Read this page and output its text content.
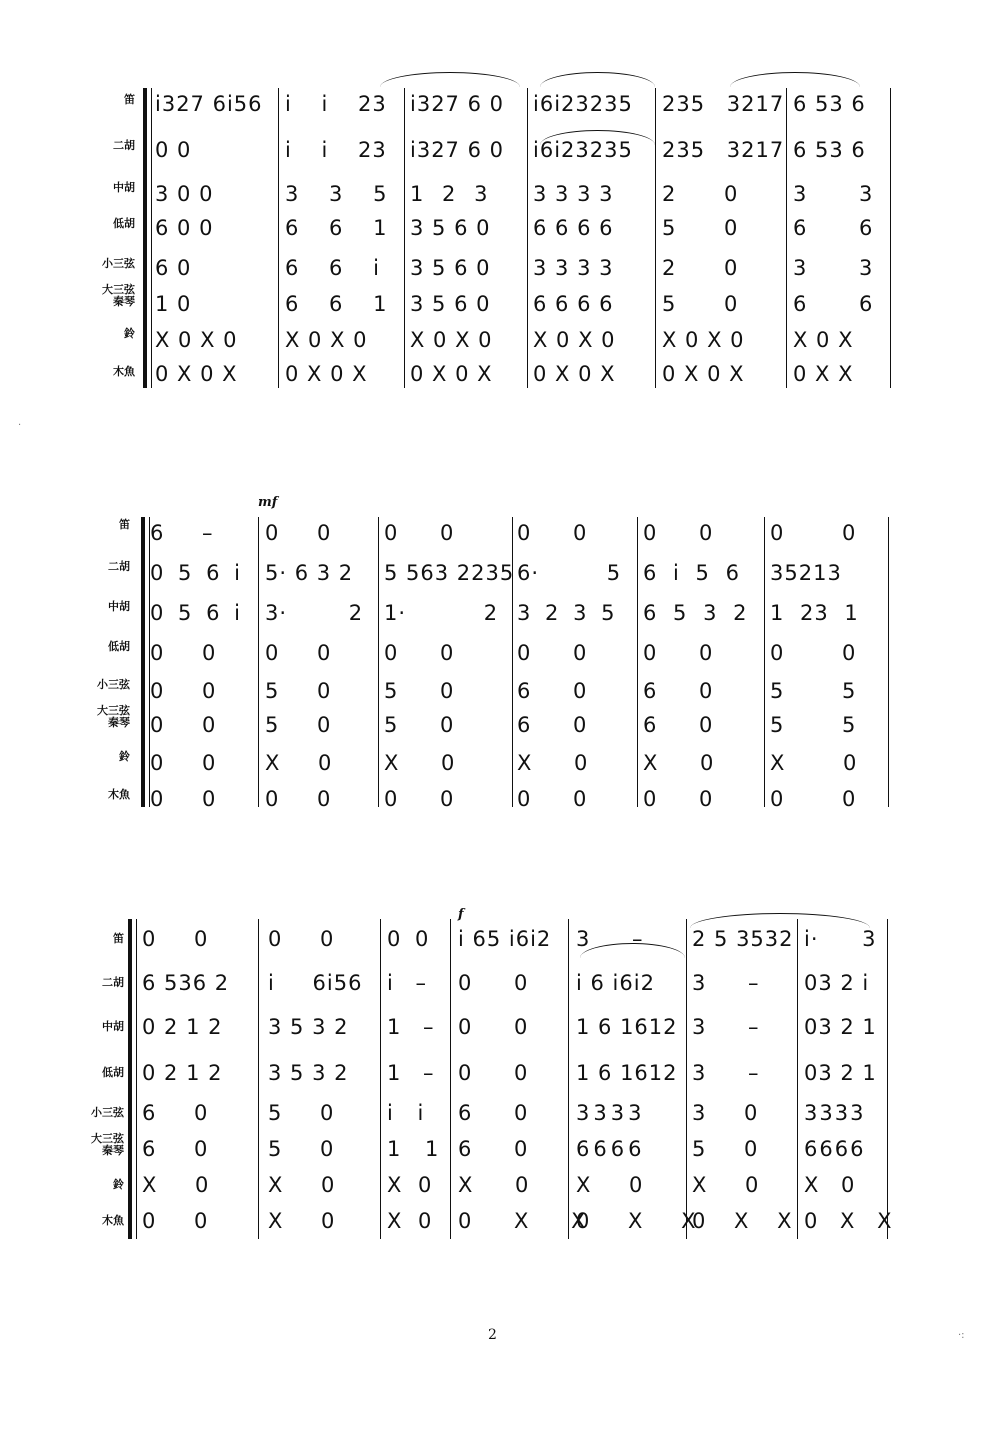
笛
二胡
中胡
低胡
小三弦
大三弦
秦琴
鈴
木魚
i327 6i56
0 0
3 0 0
6 0 0
6 0
1 0
X 0 X 0
0 X 0 X
i i 23
i i 23
3 3 5
6 6 1
6 6 i
6 6 1
X 0 X 0
0 X 0 X
i327 6 0
i327 6 0
1 2 3
3 5 6 0
3 5 6 0
3 5 6 0
X 0 X 0
0 X 0 X
i6i23235
i6i23235
3 3 3 3
6 6 6 6
3 3 3 3
6 6 6 6
X 0 X 0
0 X 0 X
235 3217
235 3217
2 0
5 0
2 0
5 0
X 0 X 0
0 X 0 X
6 53 6
6 53 6
3 3
6 6
3 3
6 6
X 0 X
0 X X
·
mf
笛
二胡
中胡
低胡
小三弦
大三弦
秦琴
鈴
木魚
6 –
0 5 6 i
0 5 6 i
0 0
0 0
0 0
0 0
0 0
0 0
5· 6 3 2
3· 2
0 0
5 0
5 0
X 0
0 0
0 0
5 563 2235
1· 2
0 0
5 0
5 0
X 0
0 0
0 0
6· 5
3 2 3 5
0 0
6 0
6 0
X 0
0 0
0 0
6 i 5 6
6 5 3 2
0 0
6 0
6 0
X 0
0 0
0 0
35213
1 23 1
0 0
5 5
5 5
X 0
0 0
f
笛
二胡
中胡
低胡
小三弦
大三弦
秦琴
鈴
木魚
0 0
6 536 2
0 2 1 2
0 2 1 2
6 0
6 0
X 0
0 0
0 0
i 6i56
3 5 3 2
3 5 3 2
5 0
5 0
X 0
X 0
0 0
i –
1 –
1 –
i i
1 1
X 0
X 0
i 65 i6i2
0 0
0 0
0 0
6 0
6 0
X 0
0 X X
3 –
i 6 i6i2
1 6 1612
1 6 1612
3333
6666
X 0
0 X X
2 5 3532
3 –
3 –
3 –
3 0
5 0
X 0
0 X X
i· 3
03 2 i
03 2 1
03 2 1
3333
6666
X 0
0 X X
2	·:
